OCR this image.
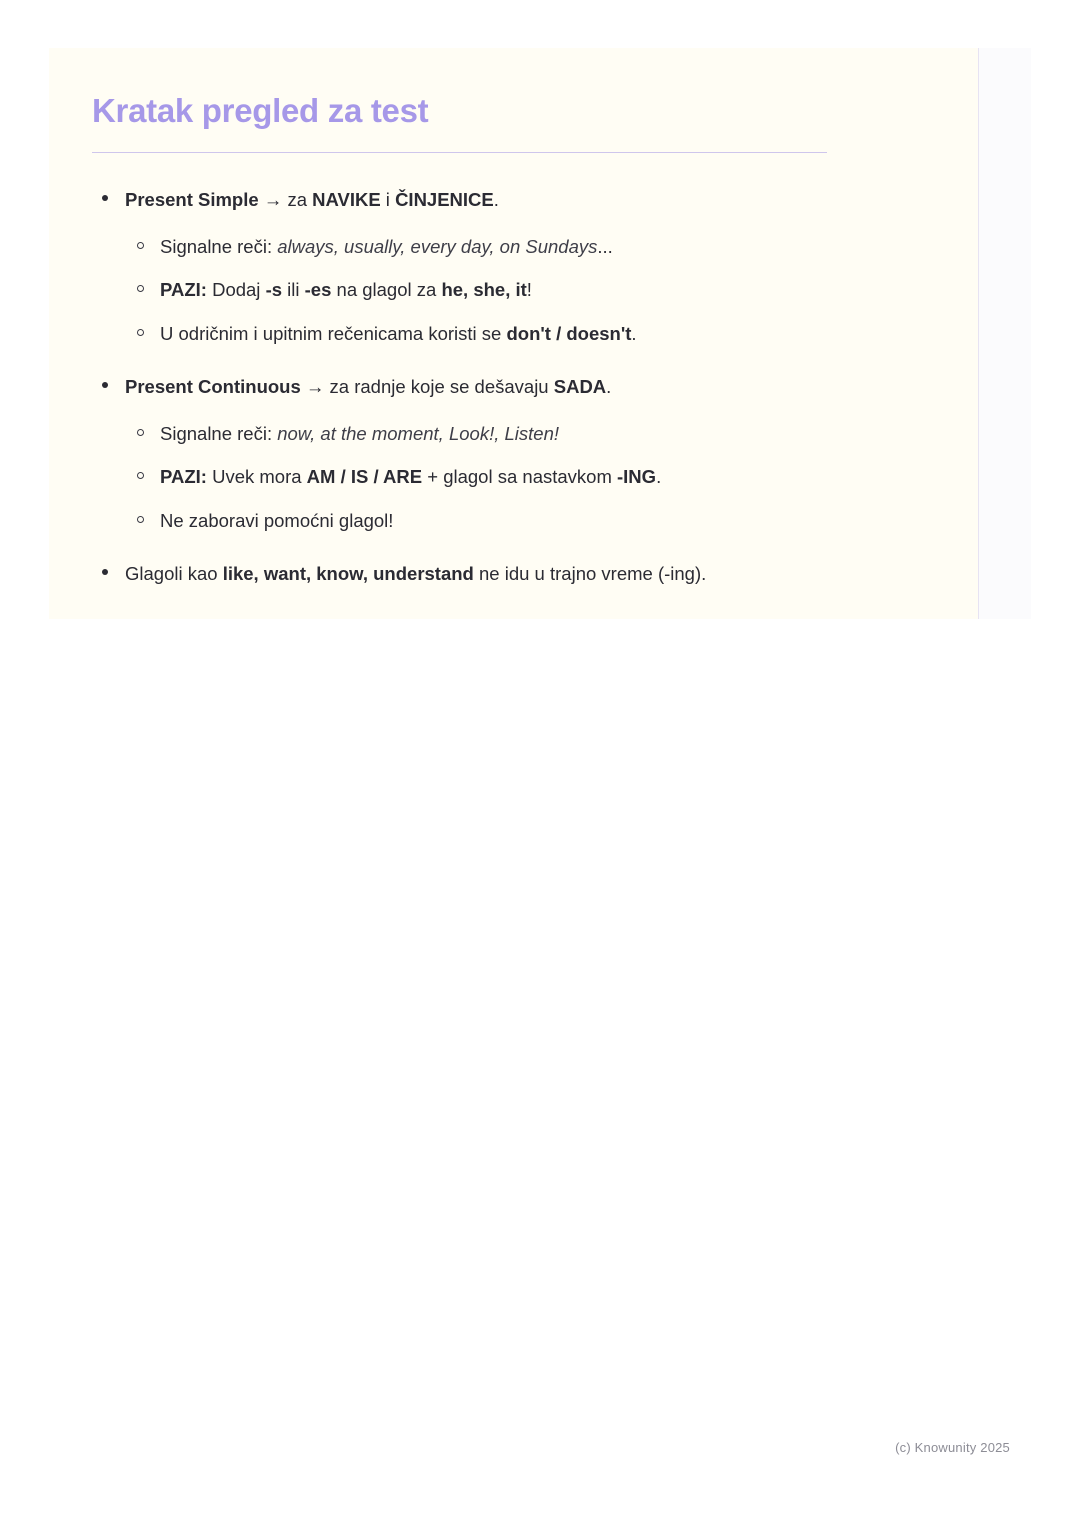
Kratak pregled za test
Present Simple → za NAVIKE i ČINJENICE.
Signalne reči: always, usually, every day, on Sundays...
PAZI: Dodaj -s ili -es na glagol za he, she, it!
U odričnim i upitnim rečenicama koristi se don't / doesn't.
Present Continuous → za radnje koje se dešavaju SADA.
Signalne reči: now, at the moment, Look!, Listen!
PAZI: Uvek mora AM / IS / ARE + glagol sa nastavkom -ING.
Ne zaboravi pomoćni glagol!
Glagoli kao like, want, know, understand ne idu u trajno vreme (-ing).
(c) Knowunity 2025
